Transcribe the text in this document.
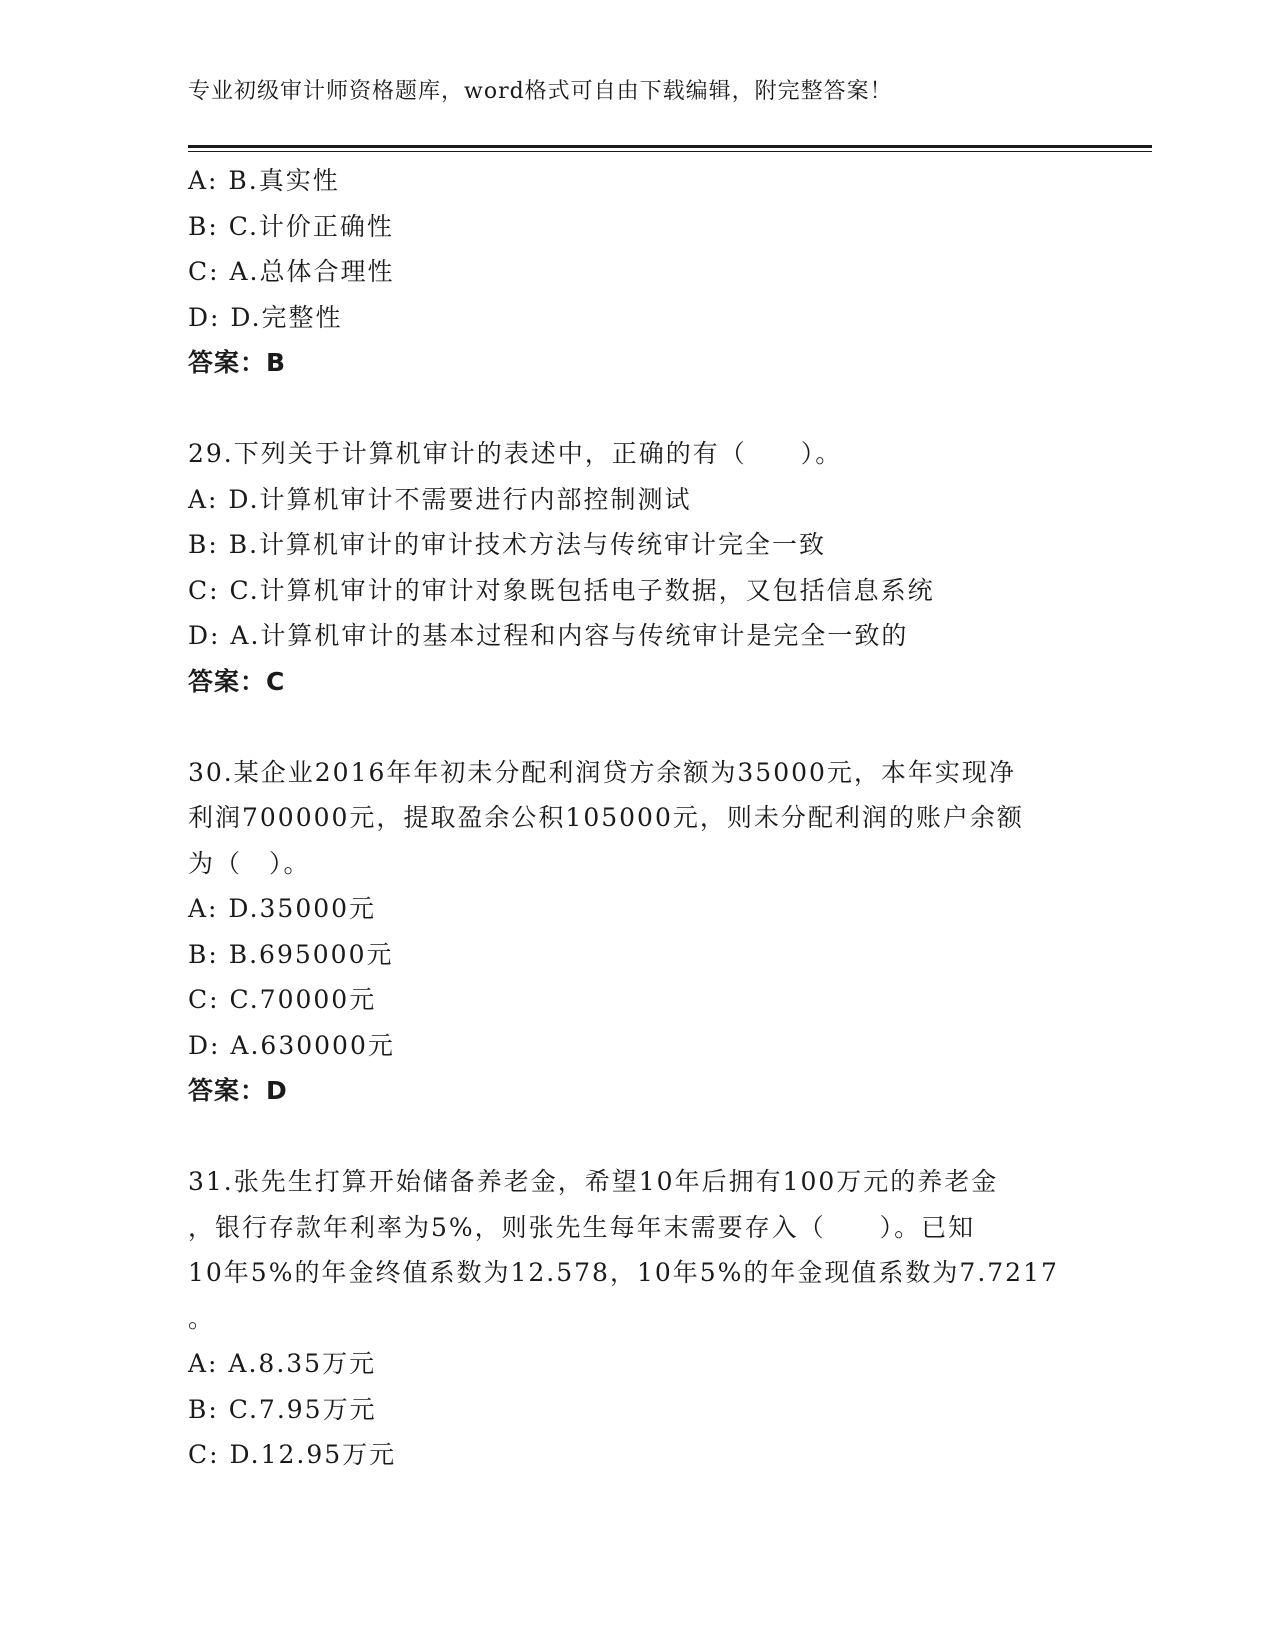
专业初级审计师资格题库，word格式可自由下载编辑，附完整答案！
A: B.真实性
B: C.计价正确性
C: A.总体合理性
D: D.完整性
答案：B
29.下列关于计算机审计的表述中，正确的有（　　）。
A: D.计算机审计不需要进行内部控制测试
B: B.计算机审计的审计技术方法与传统审计完全一致
C: C.计算机审计的审计对象既包括电子数据，又包括信息系统
D: A.计算机审计的基本过程和内容与传统审计是完全一致的
答案：C
30.某企业2016年年初未分配利润贷方余额为35000元，本年实现净
利润700000元，提取盈余公积105000元，则未分配利润的账户余额
为（　）。
A: D.35000元
B: B.695000元
C: C.70000元
D: A.630000元
答案：D
31.张先生打算开始储备养老金，希望10年后拥有100万元的养老金
，银行存款年利率为5%，则张先生每年末需要存入（　　）。已知
10年5%的年金终值系数为12.578，10年5%的年金现值系数为7.7217
。
A: A.8.35万元
B: C.7.95万元
C: D.12.95万元
